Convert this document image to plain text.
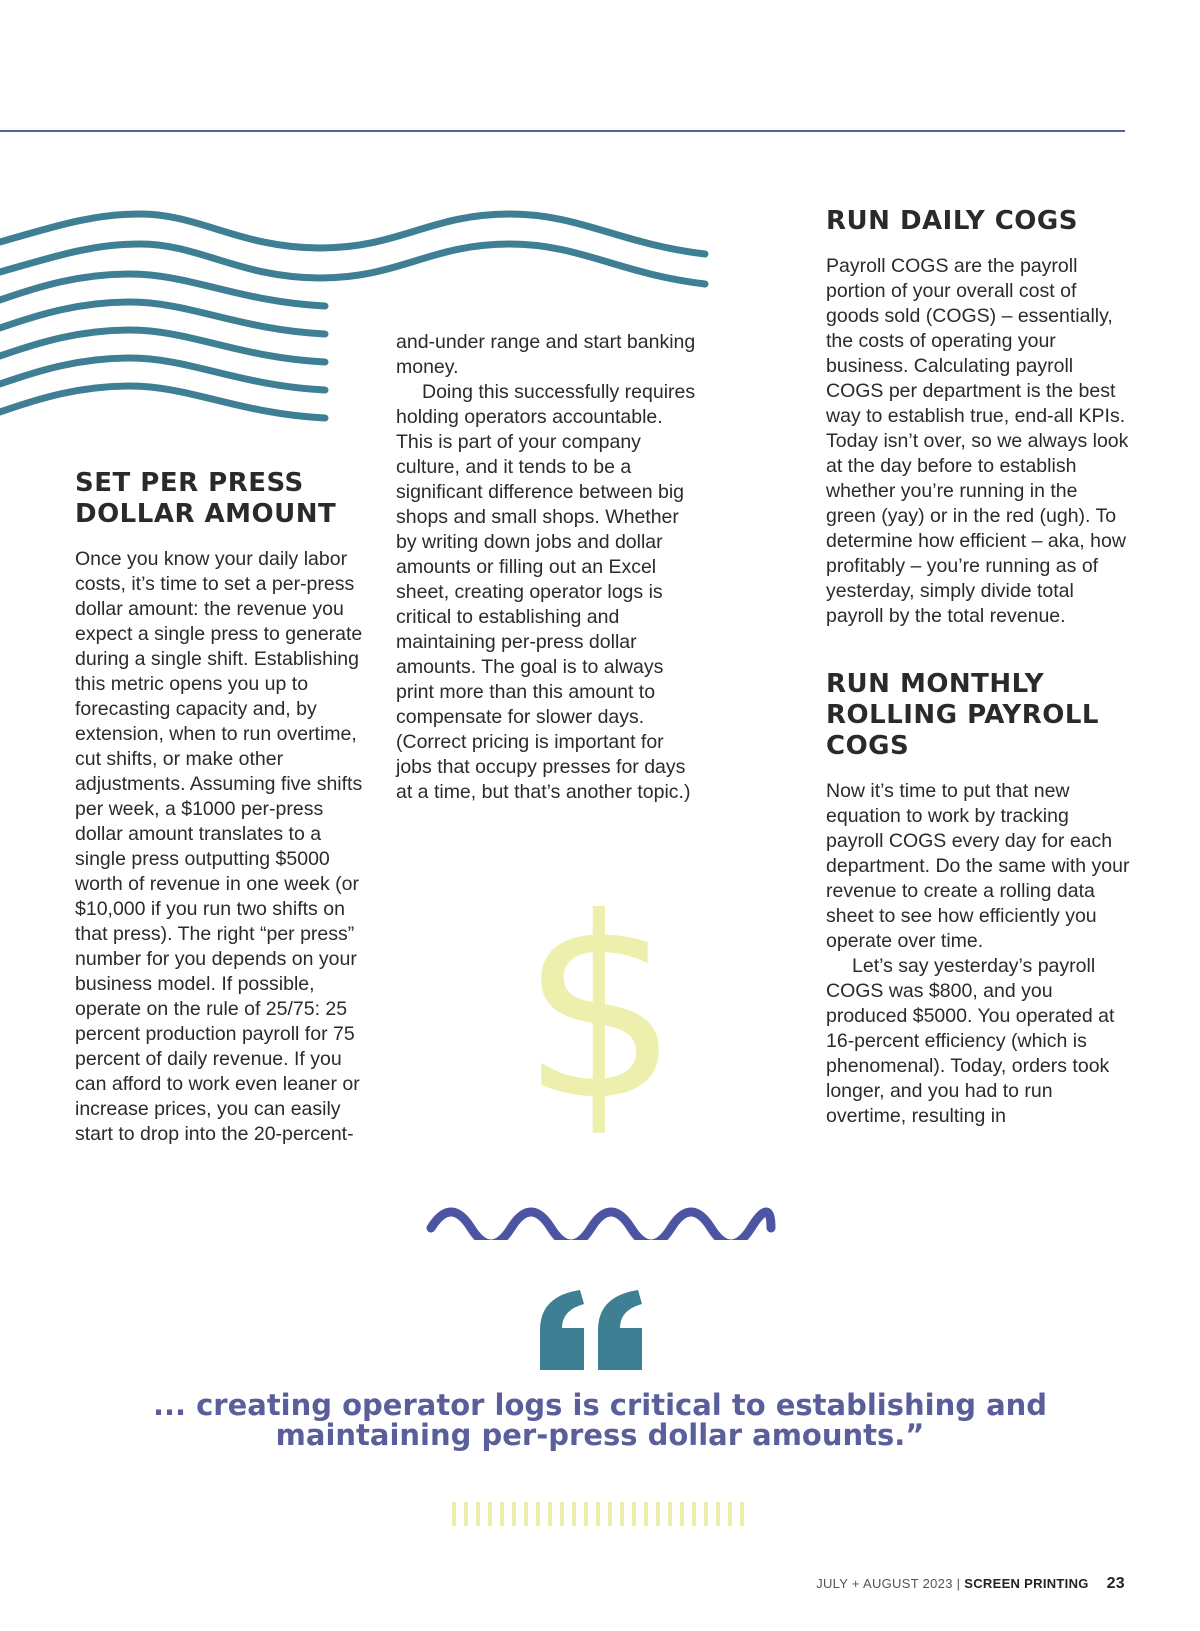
SET PER PRESS DOLLAR AMOUNT

Once you know your daily labor costs, it’s time to set a per-press dollar amount: the revenue you expect a single press to generate during a single shift. Establishing this metric opens you up to forecasting capacity and, by extension, when to run overtime, cut shifts, or make other adjustments. Assuming five shifts per week, a $1000 per-press dollar amount translates to a single press outputting $5000 worth of revenue in one week (or $10,000 if you run two shifts on that press). The right “per press” number for you depends on your business model. If possible, operate on the rule of 25/75: 25 percent production payroll for 75 percent of daily revenue. If you can afford to work even leaner or increase prices, you can easily start to drop into the 20-percent-

and-under range and start banking money.

Doing this successfully requires holding operators accountable. This is part of your company culture, and it tends to be a significant difference between big shops and small shops. Whether by writing down jobs and dollar amounts or filling out an Excel sheet, creating operator logs is critical to establishing and maintaining per-press dollar amounts. The goal is to always print more than this amount to compensate for slower days. (Correct pricing is important for jobs that occupy presses for days at a time, but that’s another topic.)

RUN DAILY COGS

Payroll COGS are the payroll portion of your overall cost of goods sold (COGS) – essentially, the costs of operating your business. Calculating payroll COGS per department is the best way to establish true, end-all KPIs. Today isn’t over, so we always look at the day before to establish whether you’re running in the green (yay) or in the red (ugh). To determine how efficient – aka, how profitably – you’re running as of yesterday, simply divide total payroll by the total revenue.

RUN MONTHLY ROLLING PAYROLL COGS

Now it’s time to put that new equation to work by tracking payroll COGS every day for each department. Do the same with your revenue to create a rolling data sheet to see how efficiently you operate over time.

Let’s say yesterday’s payroll COGS was $800, and you produced $5000. You operated at 16-percent efficiency (which is phenomenal). Today, orders took longer, and you had to run overtime, resulting in

$
... creating operator logs is critical to establishing and maintaining per-press dollar amounts.”
JULY + AUGUST 2023 | SCREEN PRINTING 23
